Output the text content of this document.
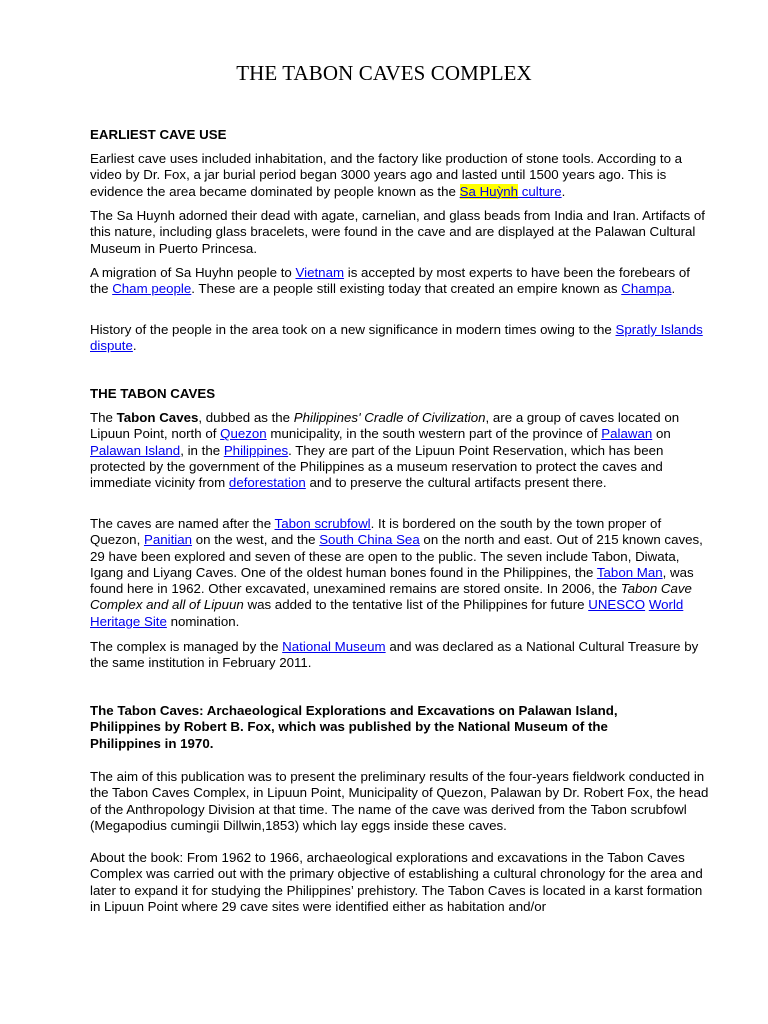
THE TABON CAVES COMPLEX
EARLIEST CAVE USE
Earliest cave uses included inhabitation, and the factory like production of stone tools. According to a video by Dr. Fox, a jar burial period began 3000 years ago and lasted until 1500 years ago. This is evidence the area became dominated by people known as the Sa Huỳnh culture.
The Sa Huynh adorned their dead with agate, carnelian, and glass beads from India and Iran. Artifacts of this nature, including glass bracelets, were found in the cave and are displayed at the Palawan Cultural Museum in Puerto Princesa.
A migration of Sa Huyhn people to Vietnam is accepted by most experts to have been the forebears of the Cham people. These are a people still existing today that created an empire known as Champa.
History of the people in the area took on a new significance in modern times owing to the Spratly Islands dispute.
THE TABON CAVES
The Tabon Caves, dubbed as the Philippines' Cradle of Civilization, are a group of caves located on Lipuun Point, north of Quezon municipality, in the south western part of the province of Palawan on Palawan Island, in the Philippines. They are part of the Lipuun Point Reservation, which has been protected by the government of the Philippines as a museum reservation to protect the caves and immediate vicinity from deforestation and to preserve the cultural artifacts present there.
The caves are named after the Tabon scrubfowl. It is bordered on the south by the town proper of Quezon, Panitian on the west, and the South China Sea on the north and east. Out of 215 known caves, 29 have been explored and seven of these are open to the public. The seven include Tabon, Diwata, Igang and Liyang Caves. One of the oldest human bones found in the Philippines, the Tabon Man, was found here in 1962. Other excavated, unexamined remains are stored onsite. In 2006, the Tabon Cave Complex and all of Lipuun was added to the tentative list of the Philippines for future UNESCO World Heritage Site nomination.
The complex is managed by the National Museum and was declared as a National Cultural Treasure by the same institution in February 2011.
The Tabon Caves: Archaeological Explorations and Excavations on Palawan Island, Philippines by Robert B. Fox, which was published by the National Museum of the Philippines in 1970.
The aim of this publication was to present the preliminary results of the four-years fieldwork conducted in the Tabon Caves Complex, in Lipuun Point, Municipality of Quezon, Palawan by Dr. Robert Fox, the head of the Anthropology Division at that time. The name of the cave was derived from the Tabon scrubfowl (Megapodius cumingii Dillwin,1853) which lay eggs inside these caves.
About the book: From 1962 to 1966, archaeological explorations and excavations in the Tabon Caves Complex was carried out with the primary objective of establishing a cultural chronology for the area and later to expand it for studying the Philippines’ prehistory. The Tabon Caves is located in a karst formation in Lipuun Point where 29 cave sites were identified either as habitation and/or
